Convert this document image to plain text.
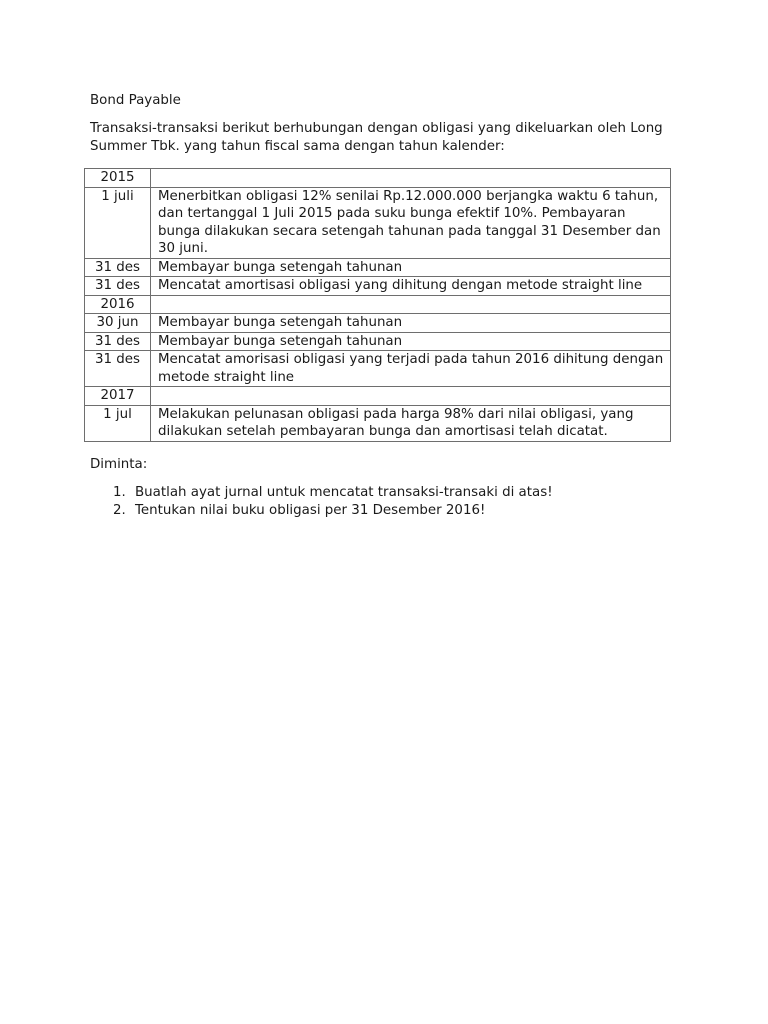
Bond Payable

Transaksi-transaksi berikut berhubungan dengan obligasi yang dikeluarkan oleh Long Summer Tbk. yang tahun fiscal sama dengan tahun kalender:

2015	
1 juli	Menerbitkan obligasi 12% senilai Rp.12.000.000 berjangka waktu 6 tahun, dan tertanggal 1 Juli 2015 pada suku bunga efektif 10%. Pembayaran bunga dilakukan secara setengah tahunan pada tanggal 31 Desember dan 30 juni.
31 des	Membayar bunga setengah tahunan
31 des	Mencatat amortisasi obligasi yang dihitung dengan metode straight line
2016	
30 jun	Membayar bunga setengah tahunan
31 des	Membayar bunga setengah tahunan
31 des	Mencatat amorisasi obligasi yang terjadi pada tahun 2016 dihitung dengan metode straight line
2017	
1 jul	Melakukan pelunasan obligasi pada harga 98% dari nilai obligasi, yang dilakukan setelah pembayaran bunga dan amortisasi telah dicatat.

Diminta:

1. Buatlah ayat jurnal untuk mencatat transaksi-transaki di atas!
2. Tentukan nilai buku obligasi per 31 Desember 2016!
